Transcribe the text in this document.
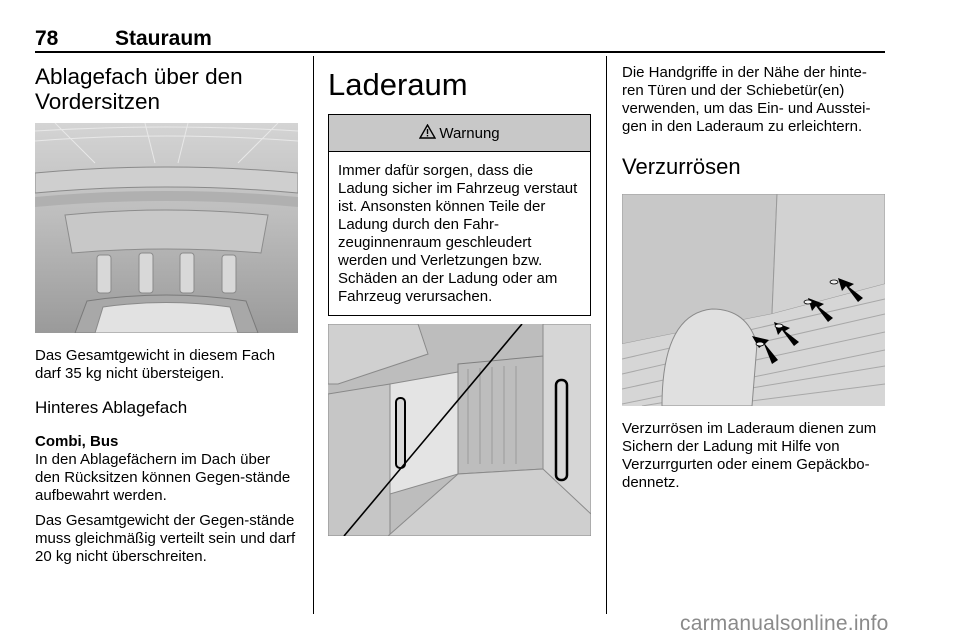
78	Stauraum
Ablagefach über den Vordersitzen

Das Gesamtgewicht in diesem Fach darf 35 kg nicht übersteigen.

Hinteres Ablagefach

Combi, Bus

In den Ablagefächern im Dach über den Rücksitzen können Gegen-stände aufbewahrt werden.

Das Gesamtgewicht der Gegen-stände muss gleichmäßig verteilt sein und darf 20 kg nicht überschreiten.

Laderaum
Warnung

Immer dafür sorgen, dass die Ladung sicher im Fahrzeug verstaut ist. Ansonsten können Teile der Ladung durch den Fahr-zeuginnenraum geschleudert werden und Verletzungen bzw. Schäden an der Ladung oder am Fahrzeug verursachen.

Die Handgriffe in der Nähe der hinte-ren Türen und der Schiebetür(en) verwenden, um das Ein- und Ausstei-gen in den Laderaum zu erleichtern.

Verzurrösen

Verzurrösen im Laderaum dienen zum Sichern der Ladung mit Hilfe von Verzurrgurten oder einem Gepäckbo-dennetz.

carmanualsonline.info
